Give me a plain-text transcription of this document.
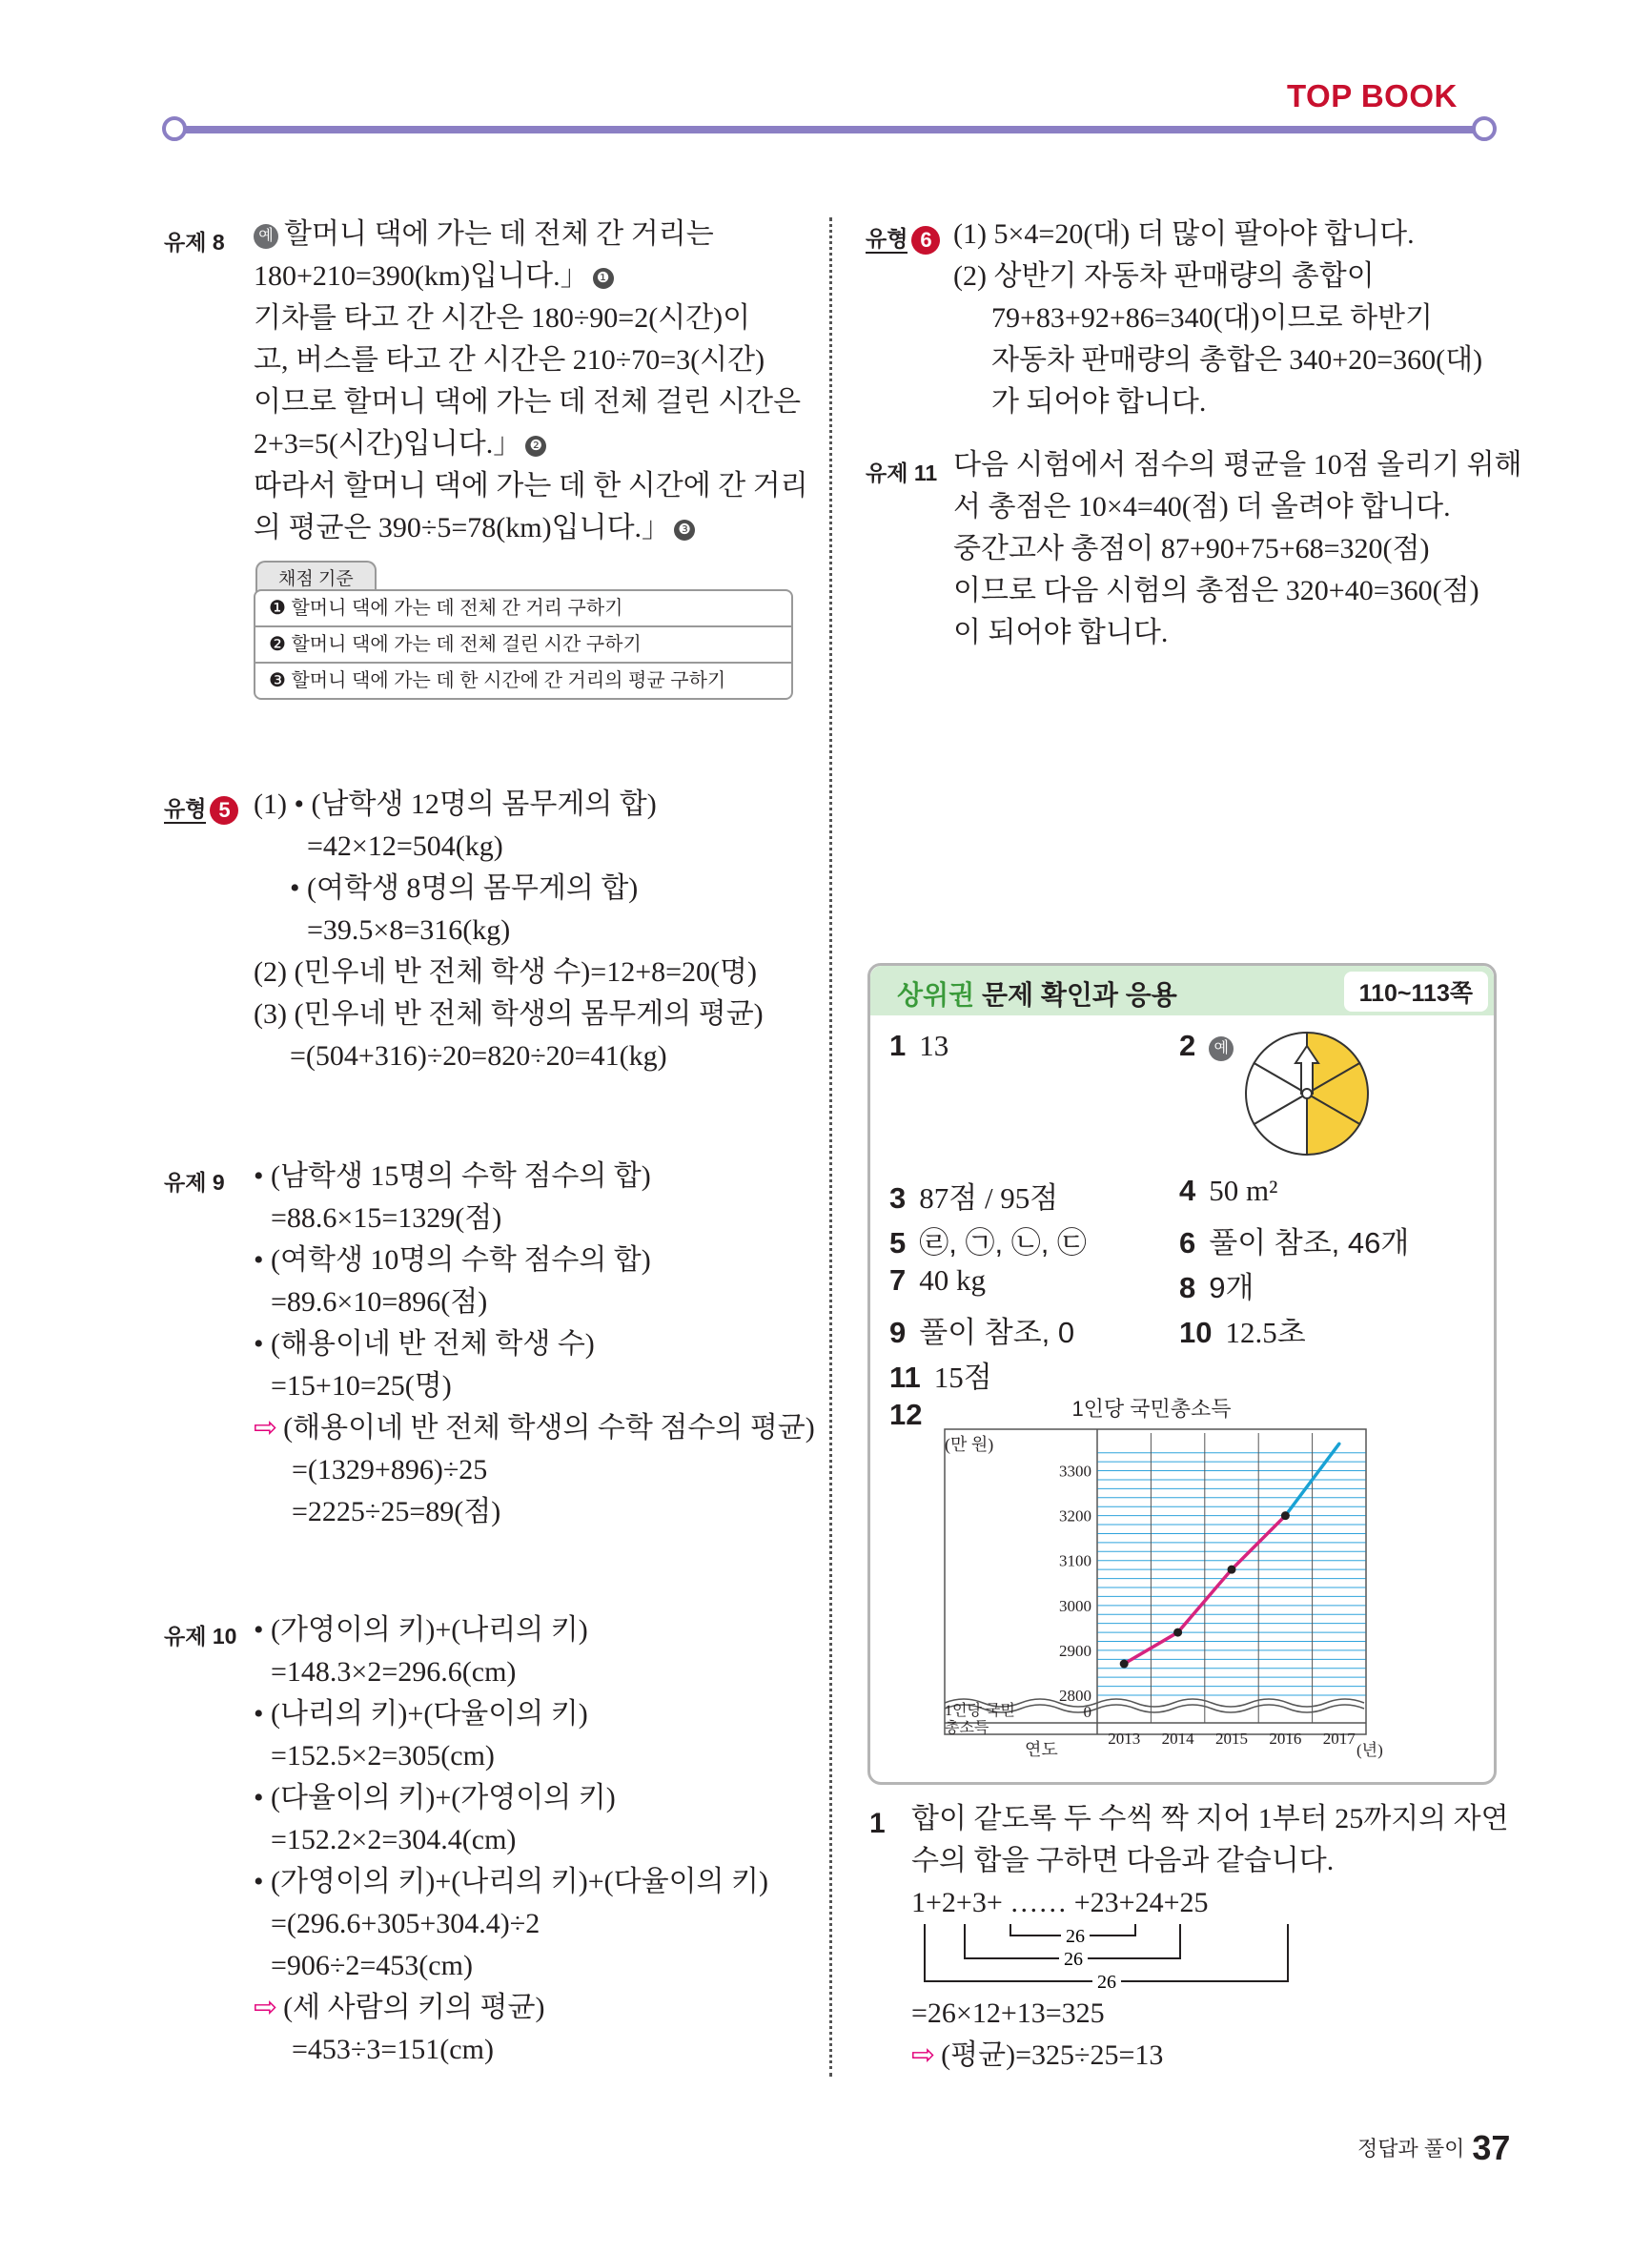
TOP BOOK
유제 8	예 할머니 댁에 가는 데 전체 간 거리는
180+210=390(km)입니다.」 ❶
기차를 타고 간 시간은 180÷90=2(시간)이
고, 버스를 타고 간 시간은 210÷70=3(시간)
이므로 할머니 댁에 가는 데 전체 걸린 시간은
2+3=5(시간)입니다.」 ❷
따라서 할머니 댁에 가는 데 한 시간에 간 거리
의 평균은 390÷5=78(km)입니다.」 ❸
채점 기준
❶ 할머니 댁에 가는 데 전체 간 거리 구하기
❷ 할머니 댁에 가는 데 전체 걸린 시간 구하기
❸ 할머니 댁에 가는 데 한 시간에 간 거리의 평균 구하기
유형 5 (1) • (남학생 12명의 몸무게의 합)
=42×12=504(kg)
• (여학생 8명의 몸무게의 합)
=39.5×8=316(kg)
(2) (민우네 반 전체 학생 수)=12+8=20(명)
(3) (민우네 반 전체 학생의 몸무게의 평균)
=(504+316)÷20=820÷20=41(kg)
유제 9 • (남학생 15명의 수학 점수의 합)
=88.6×15=1329(점)
• (여학생 10명의 수학 점수의 합)
=89.6×10=896(점)
• (해용이네 반 전체 학생 수)
=15+10=25(명)
⇨ (해용이네 반 전체 학생의 수학 점수의 평균)
=(1329+896)÷25
=2225÷25=89(점)
유제 10 • (가영이의 키)+(나리의 키)
=148.3×2=296.6(cm)
• (나리의 키)+(다율이의 키)
=152.5×2=305(cm)
• (다율이의 키)+(가영이의 키)
=152.2×2=304.4(cm)
• (가영이의 키)+(나리의 키)+(다율이의 키)
=(296.6+305+304.4)÷2
=906÷2=453(cm)
⇨ (세 사람의 키의 평균)
=453÷3=151(cm)
유형 6 (1) 5×4=20(대) 더 많이 팔아야 합니다.
(2) 상반기 자동차 판매량의 총합이
79+83+92+86=340(대)이므로 하반기
자동차 판매량의 총합은 340+20=360(대)
가 되어야 합니다.
유제 11 다음 시험에서 점수의 평균을 10점 올리기 위해
서 총점은 10×4=40(점) 더 올려야 합니다.
중간고사 총점이 87+90+75+68=320(점)
이므로 다음 시험의 총점은 320+40=360(점)
이 되어야 합니다.
상위권 문제 확인과 응용	110~113쪽
1 13	2 예
3 87점 / 95점	4 50 m²
5 ㉣, ㉠, ㉡, ㉢	6 풀이 참조, 46개
7 40 kg	8 9개
9 풀이 참조, 0	10 12.5초
11 15점
12	1인당 국민총소득
3300
3200
3100
3000
2900
2800
0
2013 2014 2015 2016 2017
(만 원)
1인당 국민
총소득
연도	(년)
1 합이 같도록 두 수씩 짝 지어 1부터 25까지의 자연
수의 합을 구하면 다음과 같습니다.
1+2+3+ …… +23+24+25
26
26
26
=26×12+13=325
⇨ (평균)=325÷25=13
정답과 풀이 37
